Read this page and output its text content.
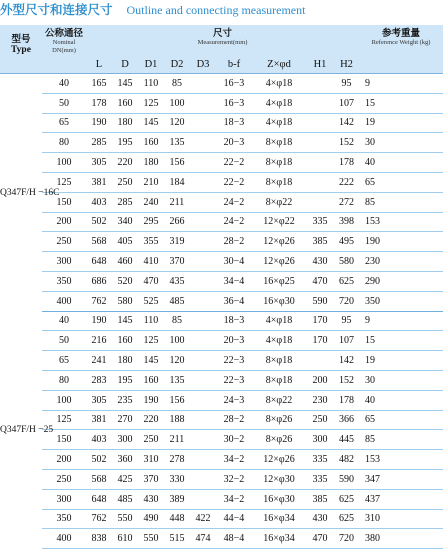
外型尺寸和连接尺寸 Outline and connecting measurement
型号
Type	公称通径	尺寸									参考重量
	Nominal DN(mm)	Measurement(mm)									Reference Weight (kg)
		L	D	D1	D2	D3	b-f	Z×φd	H1	H2	
Q347F/H −16C	40	165	145	110	85		16−3	4×φ18		95	9
	50	178	160	125	100		16−3	4×φ18		107	15
	65	190	180	145	120		18−3	4×φ18		142	19
	80	285	195	160	135		20−3	8×φ18		152	30
	100	305	220	180	156		22−2	8×φ18		178	40
	125	381	250	210	184		22−2	8×φ18		222	65
	150	403	285	240	211		24−2	8×φ22		272	85
	200	502	340	295	266		24−2	12×φ22	335	398	153
	250	568	405	355	319		28−2	12×φ26	385	495	190
	300	648	460	410	370		30−4	12×φ26	430	580	230
	350	686	520	470	435		34−4	16×φ25	470	625	290
	400	762	580	525	485		36−4	16×φ30	590	720	350
Q347F/H −25	40	190	145	110	85		18−3	4×φ18	170	95	9
	50	216	160	125	100		20−3	4×φ18	170	107	15
	65	241	180	145	120		22−3	8×φ18		142	19
	80	283	195	160	135		22−3	8×φ18	200	152	30
	100	305	235	190	156		24−3	8×φ22	230	178	40
	125	381	270	220	188		28−2	8×φ26	250	366	65
	150	403	300	250	211		30−2	8×φ26	300	445	85
	200	502	360	310	278		34−2	12×φ26	335	482	153
	250	568	425	370	330		32−2	12×φ30	335	590	347
	300	648	485	430	389		34−2	16×φ30	385	625	437
	350	762	550	490	448	422	44−4	16×φ34	430	625	310
	400	838	610	550	515	474	48−4	16×φ34	470	720	380
